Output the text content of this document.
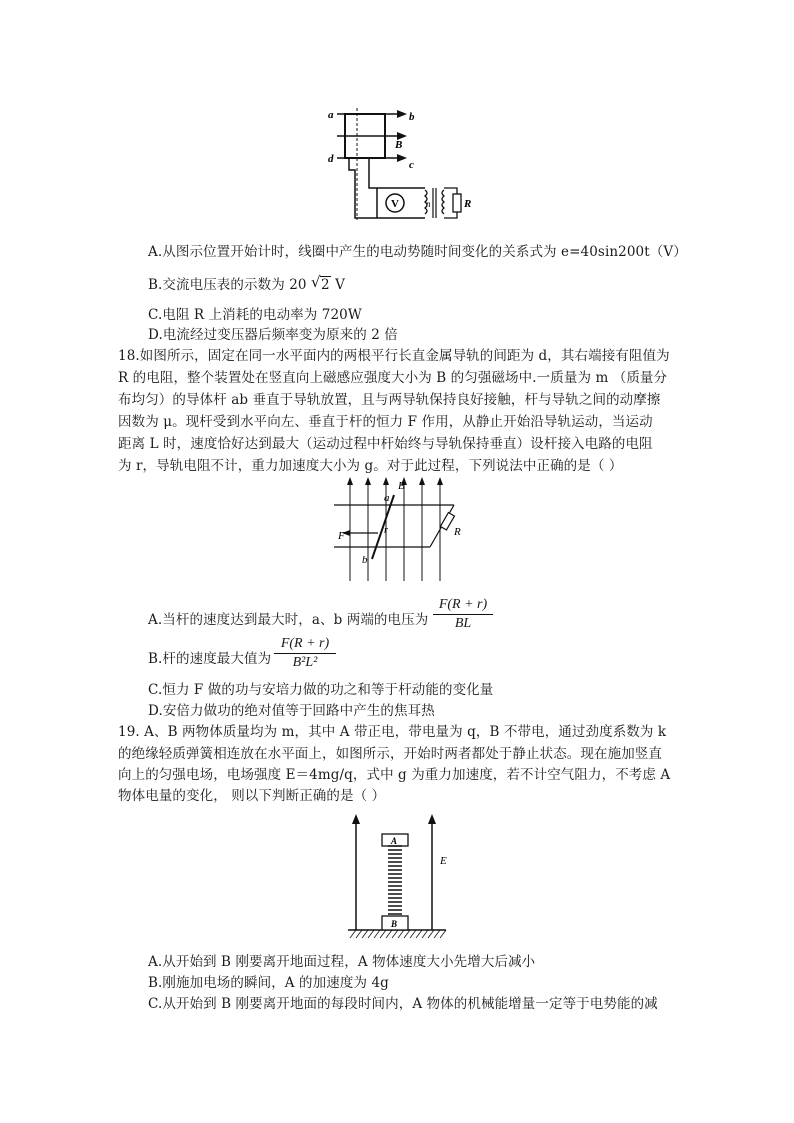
V	n	R
a	b
B
d	c
A.从图示位置开始计时，线圈中产生的电动势随时间变化的关系式为 e=40sin200t（V）
B.交流电压表的示数为 20 √ 2 V
C.电阻 R 上消耗的电动率为 720W
D.电流经过变压器后频率变为原来的 2 倍
18.如图所示，固定在同一水平面内的两根平行长直金属导轨的间距为 d，其右端接有阻值为
R 的电阻，整个装置处在竖直向上磁感应强度大小为 B 的匀强磁场中.一质量为 m （质量分
布均匀）的导体杆 ab 垂直于导轨放置，且与两导轨保持良好接触，杆与导轨之间的动摩擦
因数为 μ。现杆受到水平向左、垂直于杆的恒力 F 作用，从静止开始沿导轨运动，当运动
距离 L 时，速度恰好达到最大（运动过程中杆始终与导轨保持垂直）设杆接入电路的电阻
为 r，导轨电阻不计，重力加速度大小为 g。对于此过程，下列说法中正确的是（ ）
a
B
F	r	R
b
A.当杆的速度达到最大时，a、b 两端的电压为
F(R + r)
BL
B.杆的速度最大值为
F(R + r)
B²L²
C.恒力 F 做的功与安培力做的功之和等于杆动能的变化量
D.安倍力做功的绝对值等于回路中产生的焦耳热
19. A、B 两物体质量均为 m，其中 A 带正电，带电量为 q，B 不带电，通过劲度系数为 k
的绝缘轻质弹簧相连放在水平面上，如图所示，开始时两者都处于静止状态。现在施加竖直
向上的匀强电场，电场强度 E＝4mg/q，式中 g 为重力加速度，若不计空气阻力，不考虑 A
物体电量的变化， 则以下判断正确的是（ ）
A
B
E
A.从开始到 B 刚要离开地面过程，A 物体速度大小先增大后减小
B.刚施加电场的瞬间，A 的加速度为 4g
C.从开始到 B 刚要离开地面的每段时间内，A 物体的机械能增量一定等于电势能的减
